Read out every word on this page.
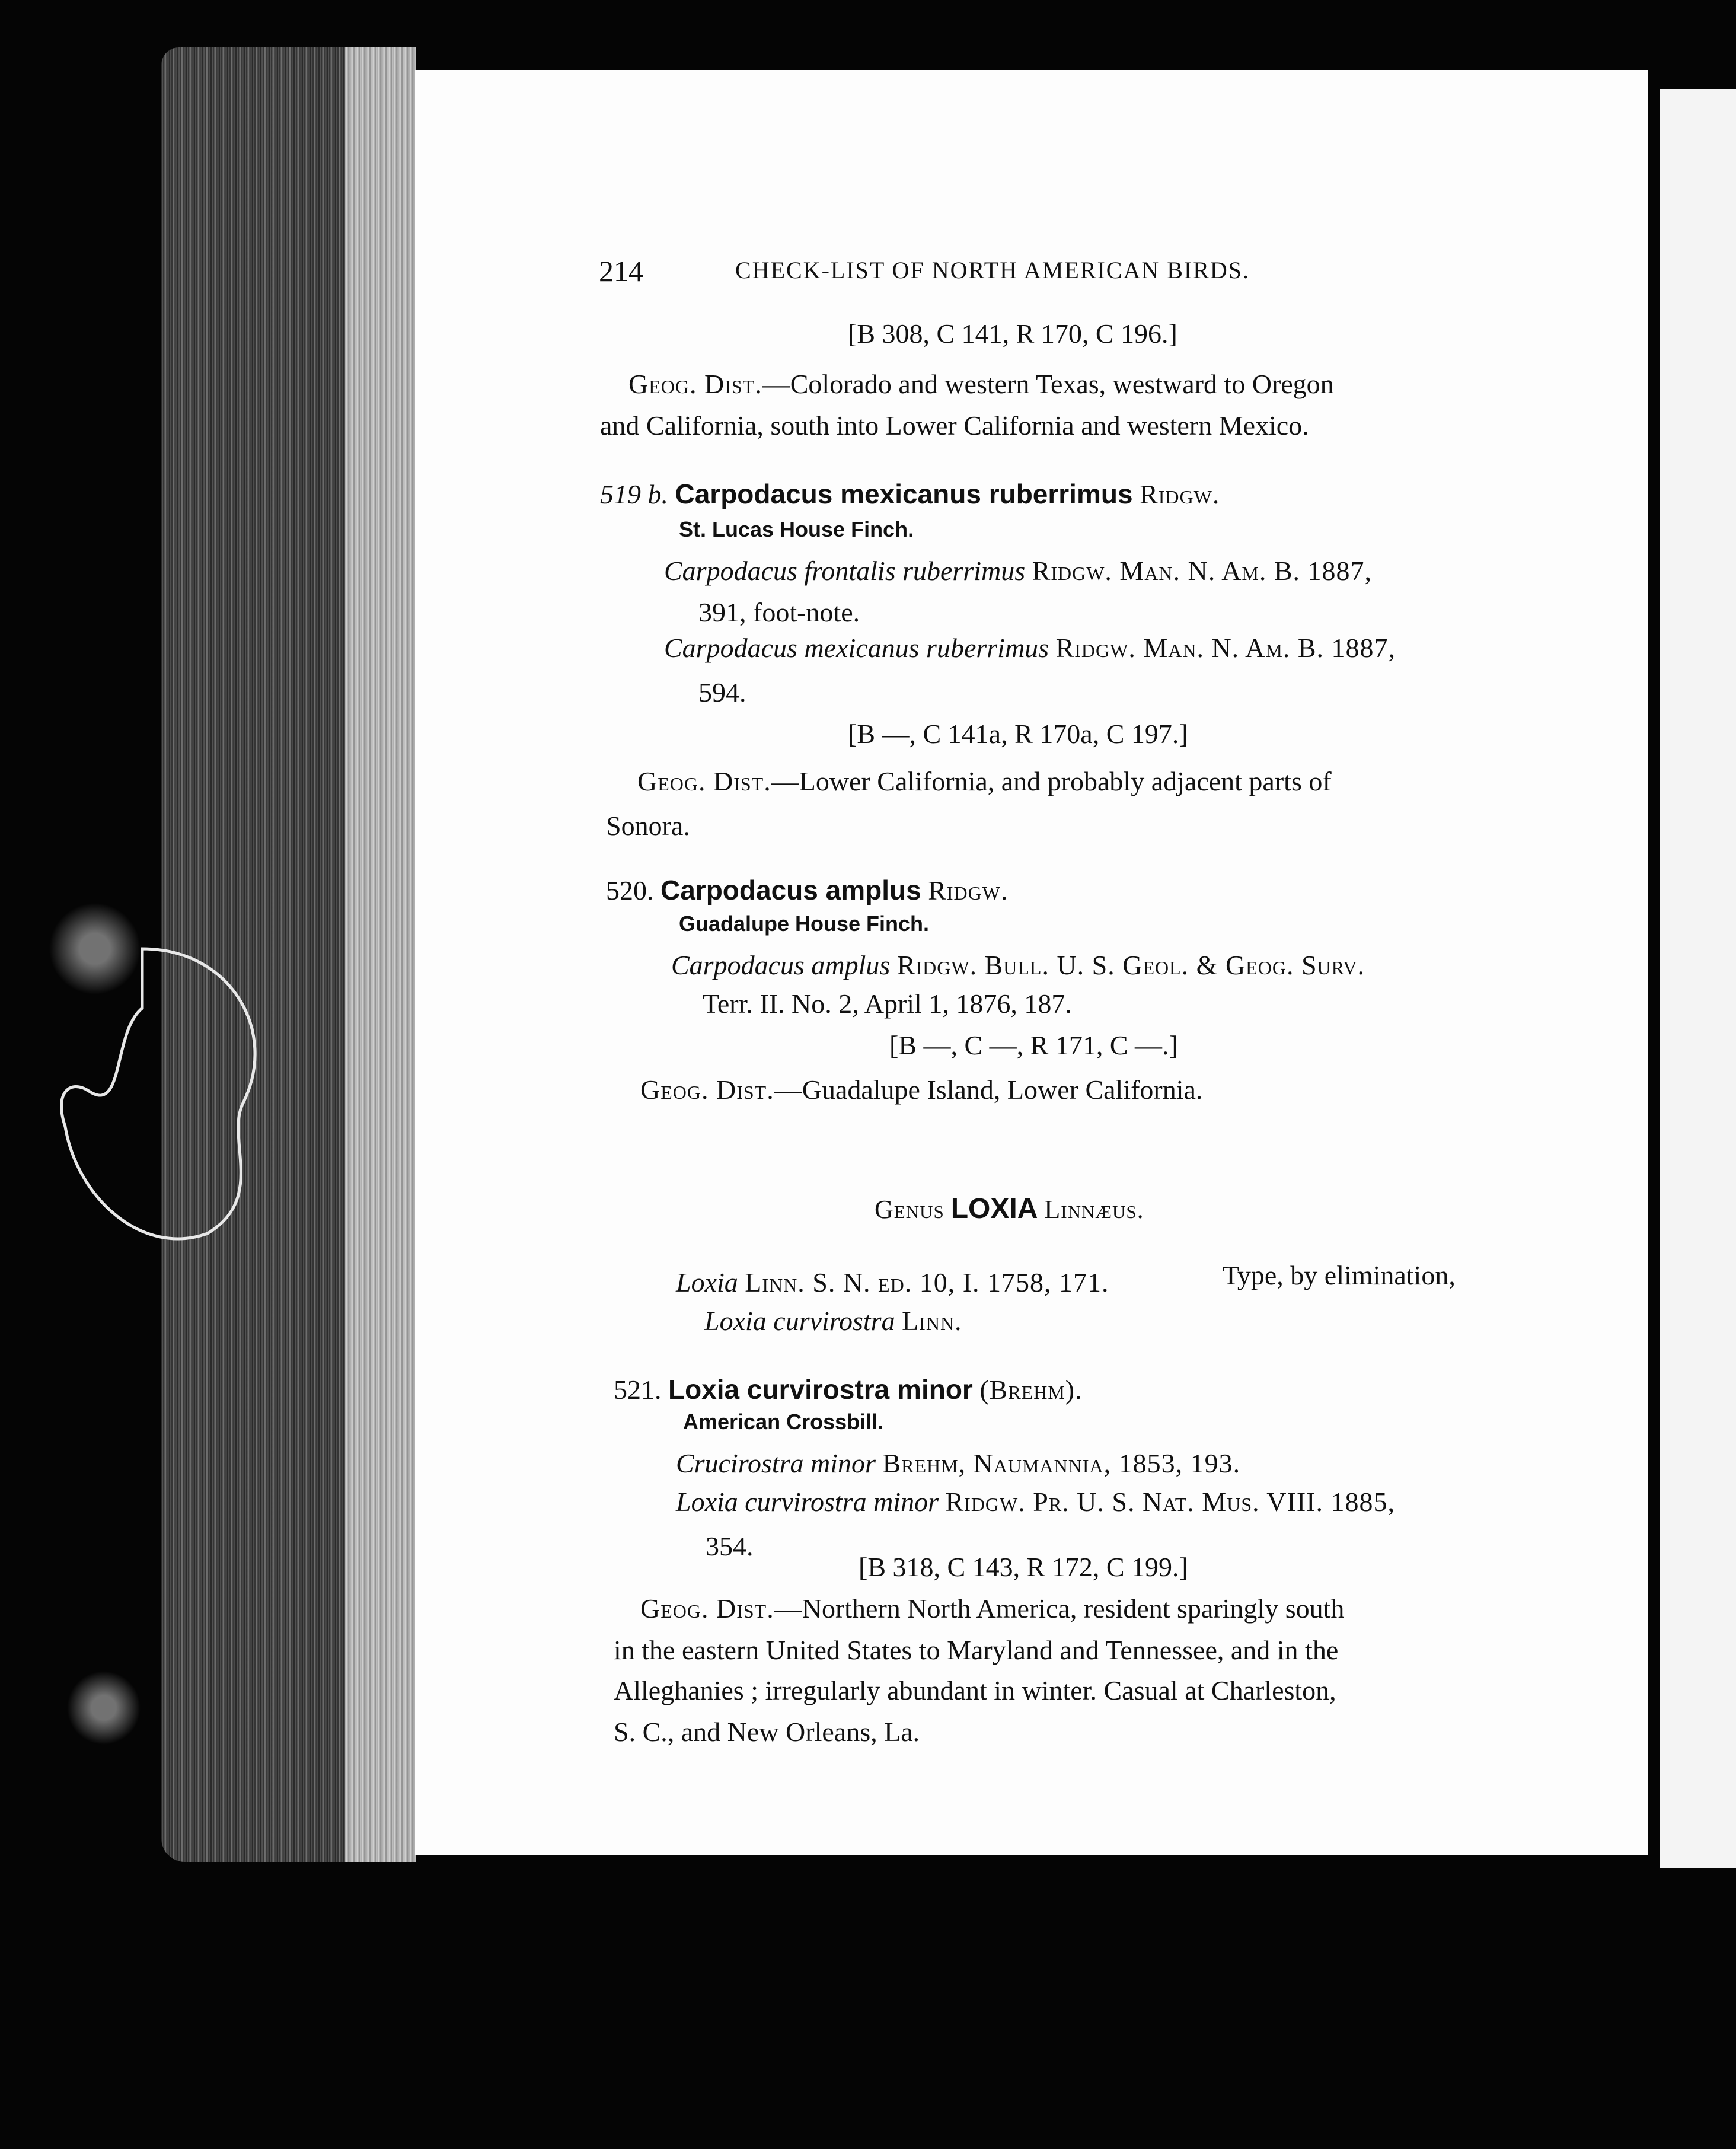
214	CHECK-LIST OF NORTH AMERICAN BIRDS.
[B 308, C 141, R 170, C 196.]
Geog. Dist.—Colorado and western Texas, westward to Oregon
and California, south into Lower California and western Mexico.
519 b. Carpodacus mexicanus ruberrimus Ridgw.
St. Lucas House Finch.
Carpodacus frontalis ruberrimus Ridgw. Man. N. Am. B. 1887,
391, foot-note.
Carpodacus mexicanus ruberrimus Ridgw. Man. N. Am. B. 1887,
594.
[B —, C 141a, R 170a, C 197.]
Geog. Dist.—Lower California, and probably adjacent parts of
Sonora.
520. Carpodacus amplus Ridgw.
Guadalupe House Finch.
Carpodacus amplus Ridgw. Bull. U. S. Geol. & Geog. Surv.
Terr. II. No. 2, April 1, 1876, 187.
[B —, C —, R 171, C —.]
Geog. Dist.—Guadalupe Island, Lower California.
Genus LOXIA Linnæus.
Loxia Linn. S. N. ed. 10, I. 1758, 171.	Type, by elimination,
Loxia curvirostra Linn.
521. Loxia curvirostra minor (Brehm).
American Crossbill.
Crucirostra minor Brehm, Naumannia, 1853, 193.
Loxia curvirostra minor Ridgw. Pr. U. S. Nat. Mus. VIII. 1885,
354.
[B 318, C 143, R 172, C 199.]
Geog. Dist.—Northern North America, resident sparingly south
in the eastern United States to Maryland and Tennessee, and in the
Alleghanies ; irregularly abundant in winter. Casual at Charleston,
S. C., and New Orleans, La.
